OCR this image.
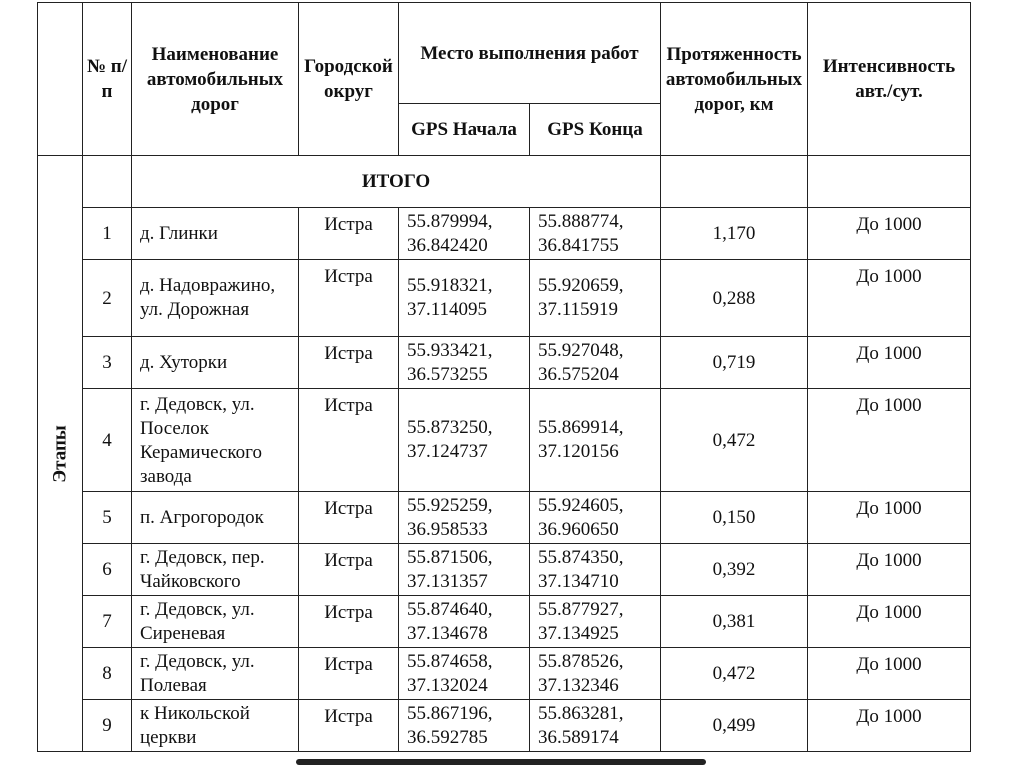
	№ п/п	Наименование автомобильных дорог	Городской округ	Место выполнения работ		Протяженность автомобильных дорог, км	Интенсивность авт./сут.
				GPS Начала	GPS Конца		

Этапы		ИТОГО					
	1	д. Глинки	Истра	55.879994, 36.842420	55.888774, 36.841755	1,170	До 1000
	2	д. Надовражино, ул. Дорожная	Истра	55.918321, 37.114095	55.920659, 37.115919	0,288	До 1000
	3	д. Хуторки	Истра	55.933421, 36.573255	55.927048, 36.575204	0,719	До 1000
	4	г. Дедовск, ул. Поселок Керамического завода	Истра	55.873250, 37.124737	55.869914, 37.120156	0,472	До 1000
	5	п. Агрогородок	Истра	55.925259, 36.958533	55.924605, 36.960650	0,150	До 1000
	6	г. Дедовск, пер. Чайковского	Истра	55.871506, 37.131357	55.874350, 37.134710	0,392	До 1000
	7	г. Дедовск, ул. Сиреневая	Истра	55.874640, 37.134678	55.877927, 37.134925	0,381	До 1000
	8	г. Дедовск, ул. Полевая	Истра	55.874658, 37.132024	55.878526, 37.132346	0,472	До 1000
	9	к Никольской церкви	Истра	55.867196, 36.592785	55.863281, 36.589174	0,499	До 1000
